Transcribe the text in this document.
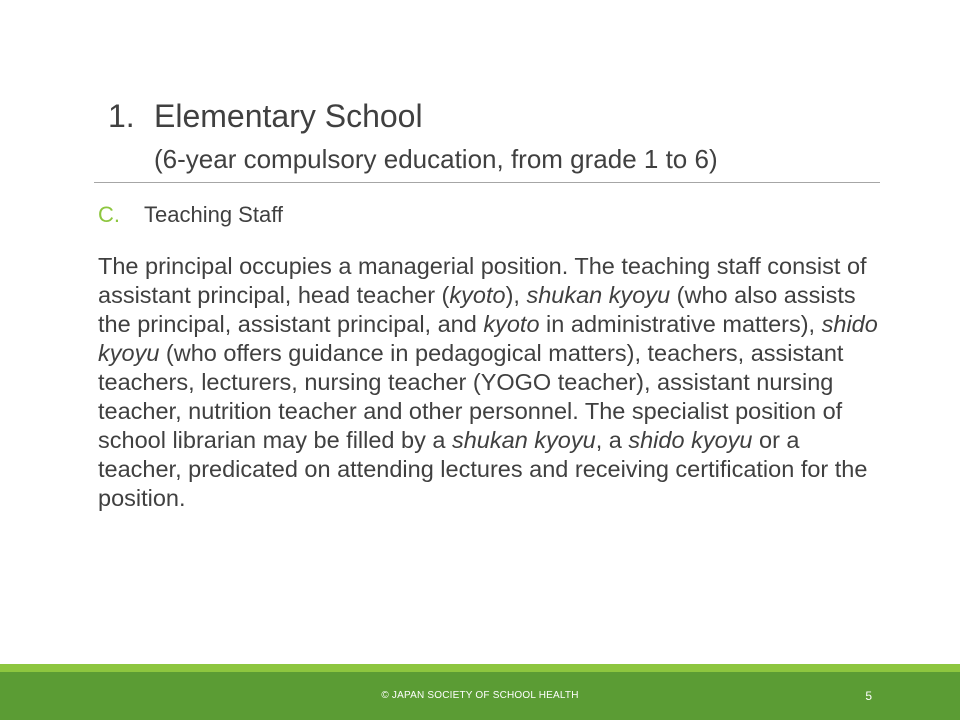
1. Elementary School
(6-year compulsory education, from grade 1 to 6)
C. Teaching Staff

The principal occupies a managerial position. The teaching staff consist of assistant principal, head teacher (kyoto), shukan kyoyu (who also assists the principal, assistant principal, and kyoto in administrative matters), shido kyoyu (who offers guidance in pedagogical matters), teachers, assistant teachers, lecturers, nursing teacher (YOGO teacher), assistant nursing teacher, nutrition teacher and other personnel. The specialist position of school librarian may be filled by a shukan kyoyu, a shido kyoyu or a teacher, predicated on attending lectures and receiving certification for the position.

© JAPAN SOCIETY OF SCHOOL HEALTH	5
